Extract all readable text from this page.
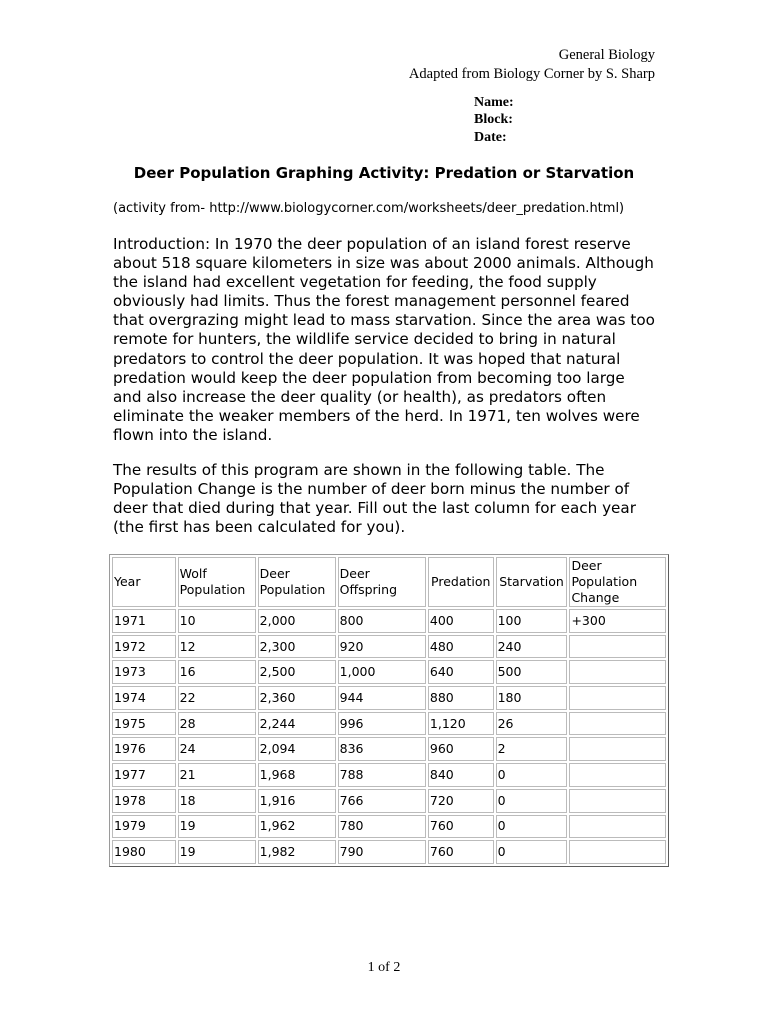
General Biology
Adapted from Biology Corner by S. Sharp
Name:
Block:
Date:
Deer Population Graphing Activity: Predation or Starvation
(activity from- http://www.biologycorner.com/worksheets/deer_predation.html)
Introduction: In 1970 the deer population of an island forest reserve about 518 square kilometers in size was about 2000 animals. Although the island had excellent vegetation for feeding, the food supply obviously had limits. Thus the forest management personnel feared that overgrazing might lead to mass starvation. Since the area was too remote for hunters, the wildlife service decided to bring in natural predators to control the deer population. It was hoped that natural predation would keep the deer population from becoming too large and also increase the deer quality (or health), as predators often eliminate the weaker members of the herd. In 1971, ten wolves were flown into the island.
The results of this program are shown in the following table. The Population Change is the number of deer born minus the number of deer that died during that year. Fill out the last column for each year (the first has been calculated for you).
Year	Wolf Population	Deer Population	Deer Offspring	Predation	Starvation	Deer Population Change
1971	10	2,000	800	400	100	+300
1972	12	2,300	920	480	240	
1973	16	2,500	1,000	640	500	
1974	22	2,360	944	880	180	
1975	28	2,244	996	1,120	26	
1976	24	2,094	836	960	2	
1977	21	1,968	788	840	0	
1978	18	1,916	766	720	0	
1979	19	1,962	780	760	0	
1980	19	1,982	790	760	0	
1 of 2
